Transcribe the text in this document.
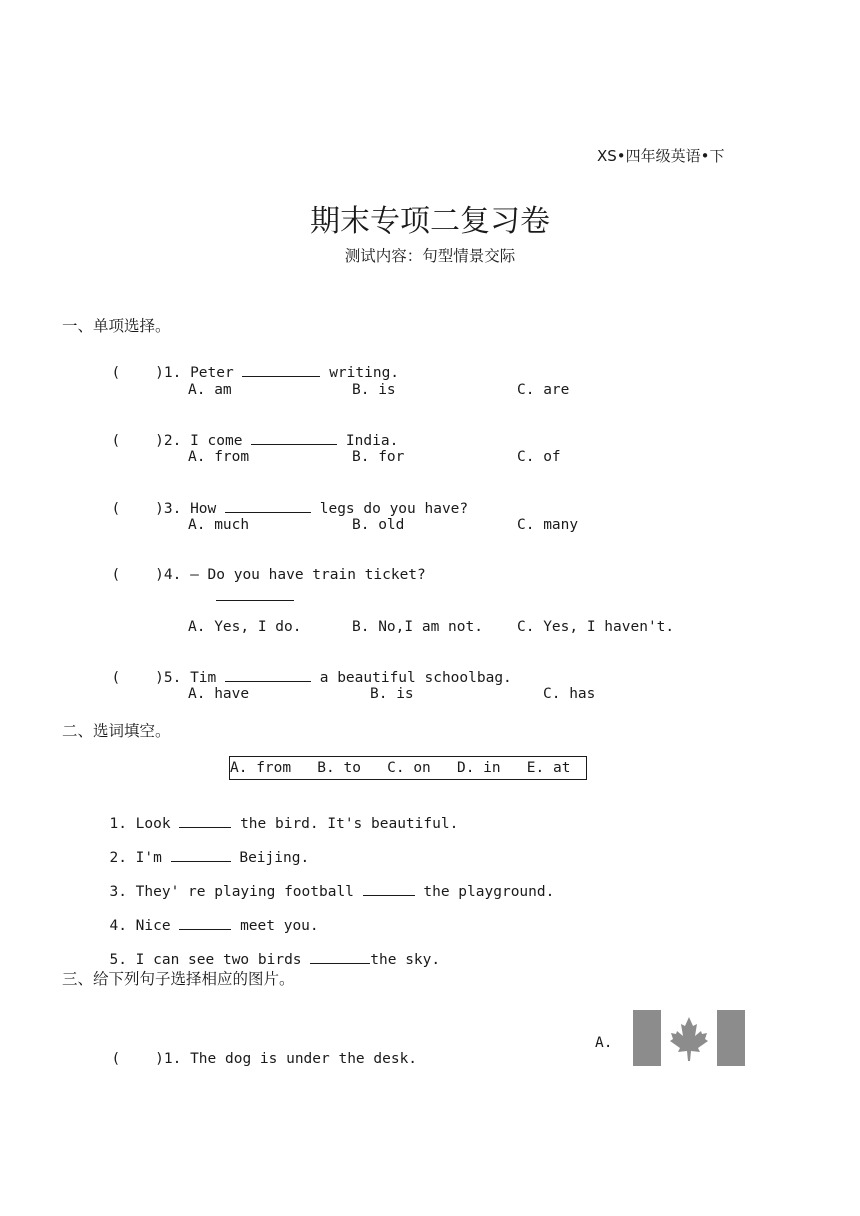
XS•四年级英语•下
期末专项二复习卷
测试内容：句型情景交际
一、单项选择。

(    )1. Peter	writing.

A. am	B. is	C. are

(    )2. I come	India.

A. from	B. for	C. of

(    )3. How	legs do you have?

A. much	B. old	C. many

(    )4. — Do you have train ticket?

A. Yes, I do.	B. No,I am not. C. Yes, I haven't.

(    )5. Tim	a beautiful schoolbag.

A. have	B. is	C. has
二、选词填空。
A. from   B. to   C. on   D. in   E. at

1. Look	the bird. It's beautiful.

2. I'm	Beijing.

3. They' re playing football	the playground.

4. Nice	meet you.

5. I can see two birds	the sky.

三、给下列句子选择相应的图片。

(    )1. The dog is under the desk.

A.
